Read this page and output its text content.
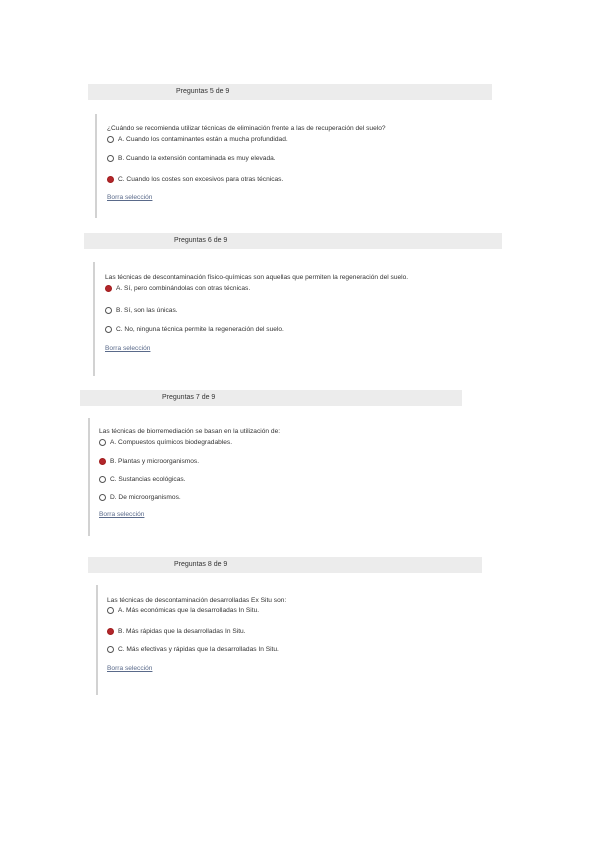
Preguntas 5 de 9
¿Cuándo se recomienda utilizar técnicas de eliminación frente a las de recuperación del suelo?
A. Cuando los contaminantes están a mucha profundidad.
B. Cuando la extensión contaminada es muy elevada.
C. Cuando los costes son excesivos para otras técnicas.
Borra selección
Preguntas 6 de 9
Las técnicas de descontaminación físico-químicas son aquellas que permiten la regeneración del suelo.
A. Sí, pero combinándolas con otras técnicas.
B. Sí, son las únicas.
C. No, ninguna técnica permite la regeneración del suelo.
Borra selección
Preguntas 7 de 9
Las técnicas de biorremediación se basan en la utilización de:
A. Compuestos químicos biodegradables.
B. Plantas y microorganismos.
C. Sustancias ecológicas.
D. De microorganismos.
Borra selección
Preguntas 8 de 9
Las técnicas de descontaminación desarrolladas Ex Situ son:
A. Más económicas que la desarrolladas In Situ.
B. Más rápidas que la desarrolladas In Situ.
C. Más efectivas y rápidas que la desarrolladas In Situ.
Borra selección
